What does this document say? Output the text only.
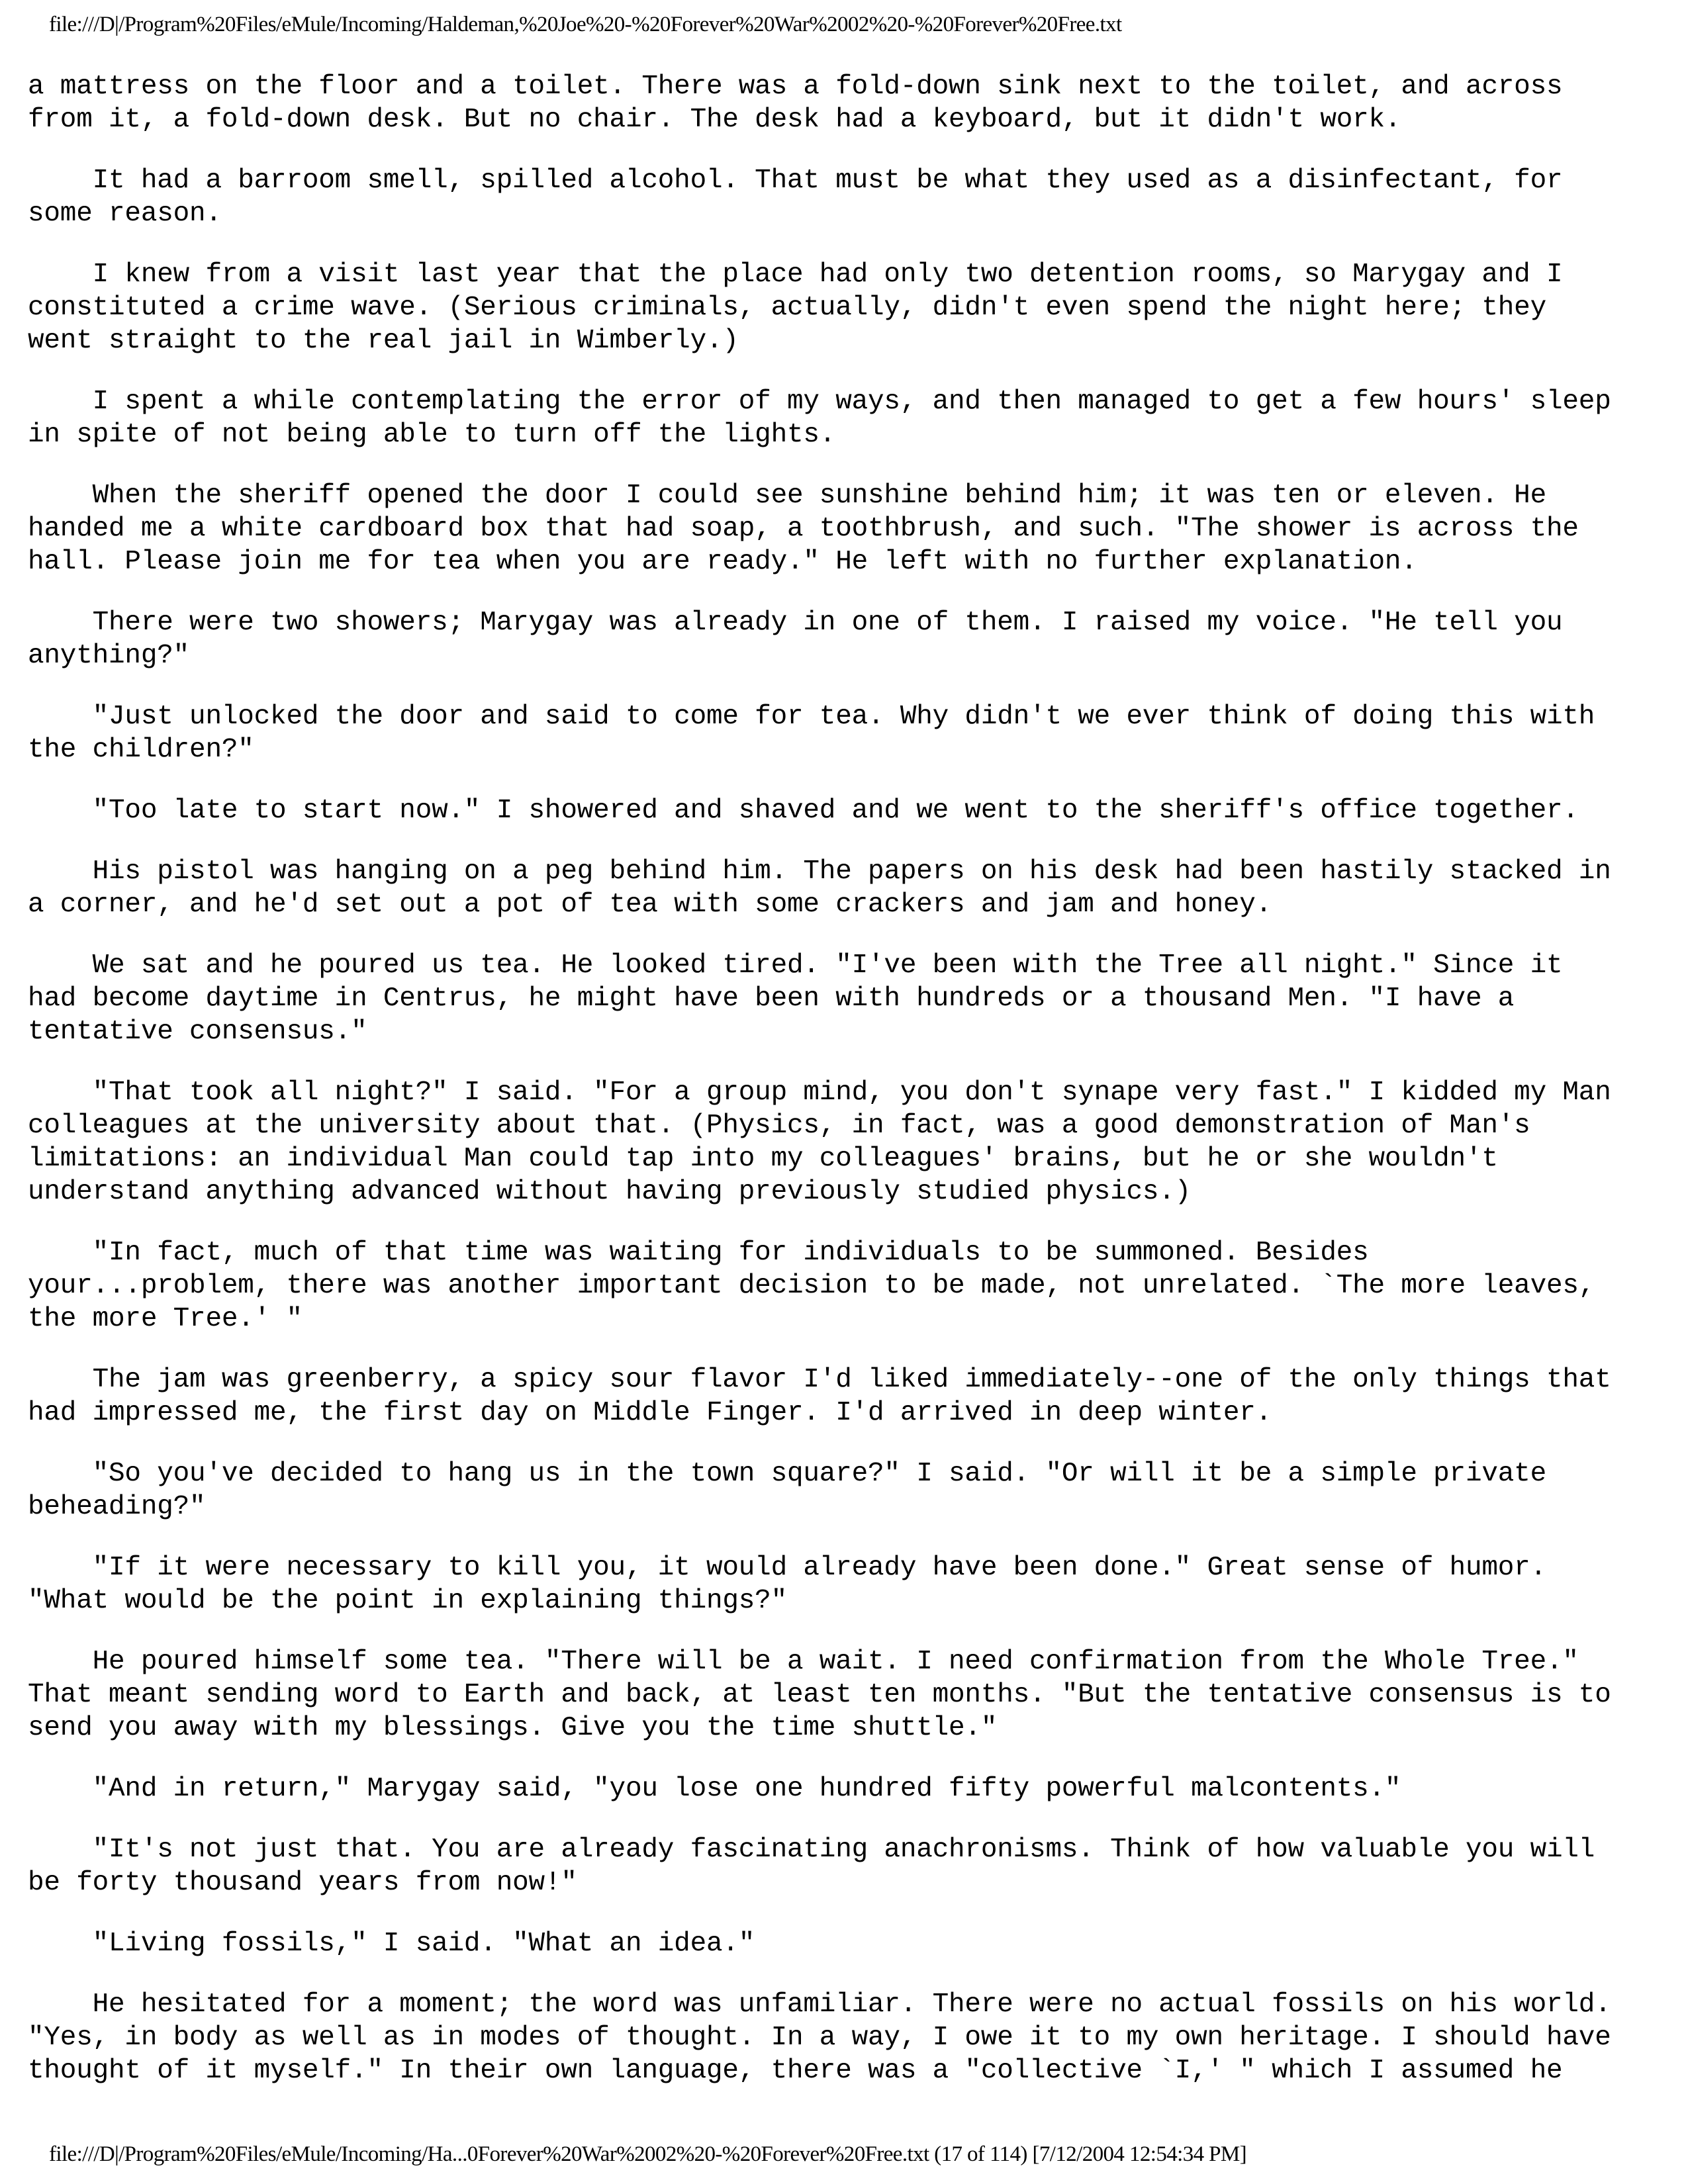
file:///D|/Program%20Files/eMule/Incoming/Haldeman,%20Joe%20-%20Forever%20War%2002%20-%20Forever%20Free.txt

a mattress on the floor and a toilet. There was a fold-down sink next to the toilet, and across
from it, a fold-down desk. But no chair. The desk had a keyboard, but it didn't work.

It had a barroom smell, spilled alcohol. That must be what they used as a disinfectant, for
some reason.

I knew from a visit last year that the place had only two detention rooms, so Marygay and I
constituted a crime wave. (Serious criminals, actually, didn't even spend the night here; they
went straight to the real jail in Wimberly.)

I spent a while contemplating the error of my ways, and then managed to get a few hours' sleep
in spite of not being able to turn off the lights.

When the sheriff opened the door I could see sunshine behind him; it was ten or eleven. He
handed me a white cardboard box that had soap, a toothbrush, and such. "The shower is across the
hall. Please join me for tea when you are ready." He left with no further explanation.

There were two showers; Marygay was already in one of them. I raised my voice. "He tell you
anything?"

"Just unlocked the door and said to come for tea. Why didn't we ever think of doing this with
the children?"

"Too late to start now." I showered and shaved and we went to the sheriff's office together.

His pistol was hanging on a peg behind him. The papers on his desk had been hastily stacked in
a corner, and he'd set out a pot of tea with some crackers and jam and honey.

We sat and he poured us tea. He looked tired. "I've been with the Tree all night." Since it
had become daytime in Centrus, he might have been with hundreds or a thousand Men. "I have a
tentative consensus."

"That took all night?" I said. "For a group mind, you don't synape very fast." I kidded my Man
colleagues at the university about that. (Physics, in fact, was a good demonstration of Man's
limitations: an individual Man could tap into my colleagues' brains, but he or she wouldn't
understand anything advanced without having previously studied physics.)

"In fact, much of that time was waiting for individuals to be summoned. Besides
your...problem, there was another important decision to be made, not unrelated. `The more leaves,
the more Tree.' "

The jam was greenberry, a spicy sour flavor I'd liked immediately--one of the only things that
had impressed me, the first day on Middle Finger. I'd arrived in deep winter.

"So you've decided to hang us in the town square?" I said. "Or will it be a simple private
beheading?"

"If it were necessary to kill you, it would already have been done." Great sense of humor.
"What would be the point in explaining things?"

He poured himself some tea. "There will be a wait. I need confirmation from the Whole Tree."
That meant sending word to Earth and back, at least ten months. "But the tentative consensus is to
send you away with my blessings. Give you the time shuttle."

"And in return," Marygay said, "you lose one hundred fifty powerful malcontents."

"It's not just that. You are already fascinating anachronisms. Think of how valuable you will
be forty thousand years from now!"

"Living fossils," I said. "What an idea."

He hesitated for a moment; the word was unfamiliar. There were no actual fossils on his world.
"Yes, in body as well as in modes of thought. In a way, I owe it to my own heritage. I should have
thought of it myself." In their own language, there was a "collective `I,' " which I assumed he

file:///D|/Program%20Files/eMule/Incoming/Ha...0Forever%20War%2002%20-%20Forever%20Free.txt (17 of 114) [7/12/2004 12:54:34 PM]
